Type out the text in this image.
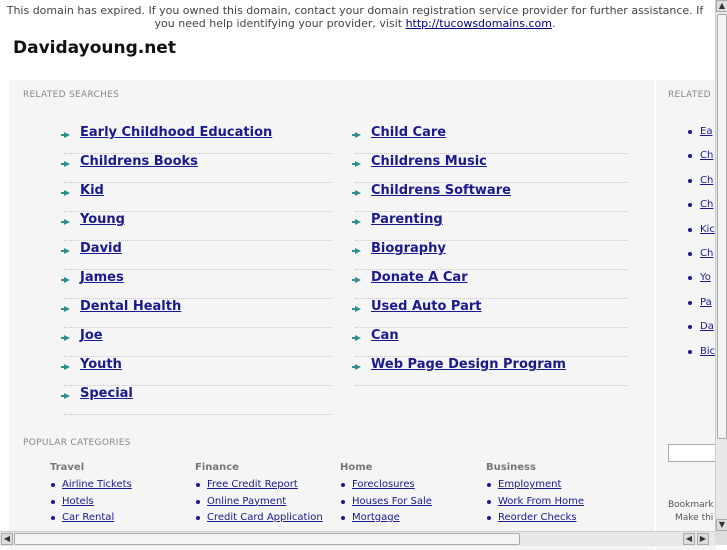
This domain has expired. If you owned this domain, contact your domain registration service provider for further assistance. If you need help identifying your provider, visit http://tucowsdomains.com.
Davidayoung.net
RELATED SEARCHES
Early Childhood Education
Childrens Books
Kid
Young
David
James
Dental Health
Joe
Youth
Special
Child Care
Childrens Music
Childrens Software
Parenting
Biography
Donate A Car
Used Auto Part
Can
Web Page Design Program
POPULAR CATEGORIES
Travel
Airline Tickets
Hotels
Car Rental
Finance
Free Credit Report
Online Payment
Credit Card Application
Home
Foreclosures
Houses For Sale
Mortgage
Business
Employment
Work From Home
Reorder Checks
RELATED
Ea
Ch
Ch
Ch
Kic
Ch
Yo
Pa
Da
Bic
Bookmark
Make thi
▲
▼
◀	◀ ▶
